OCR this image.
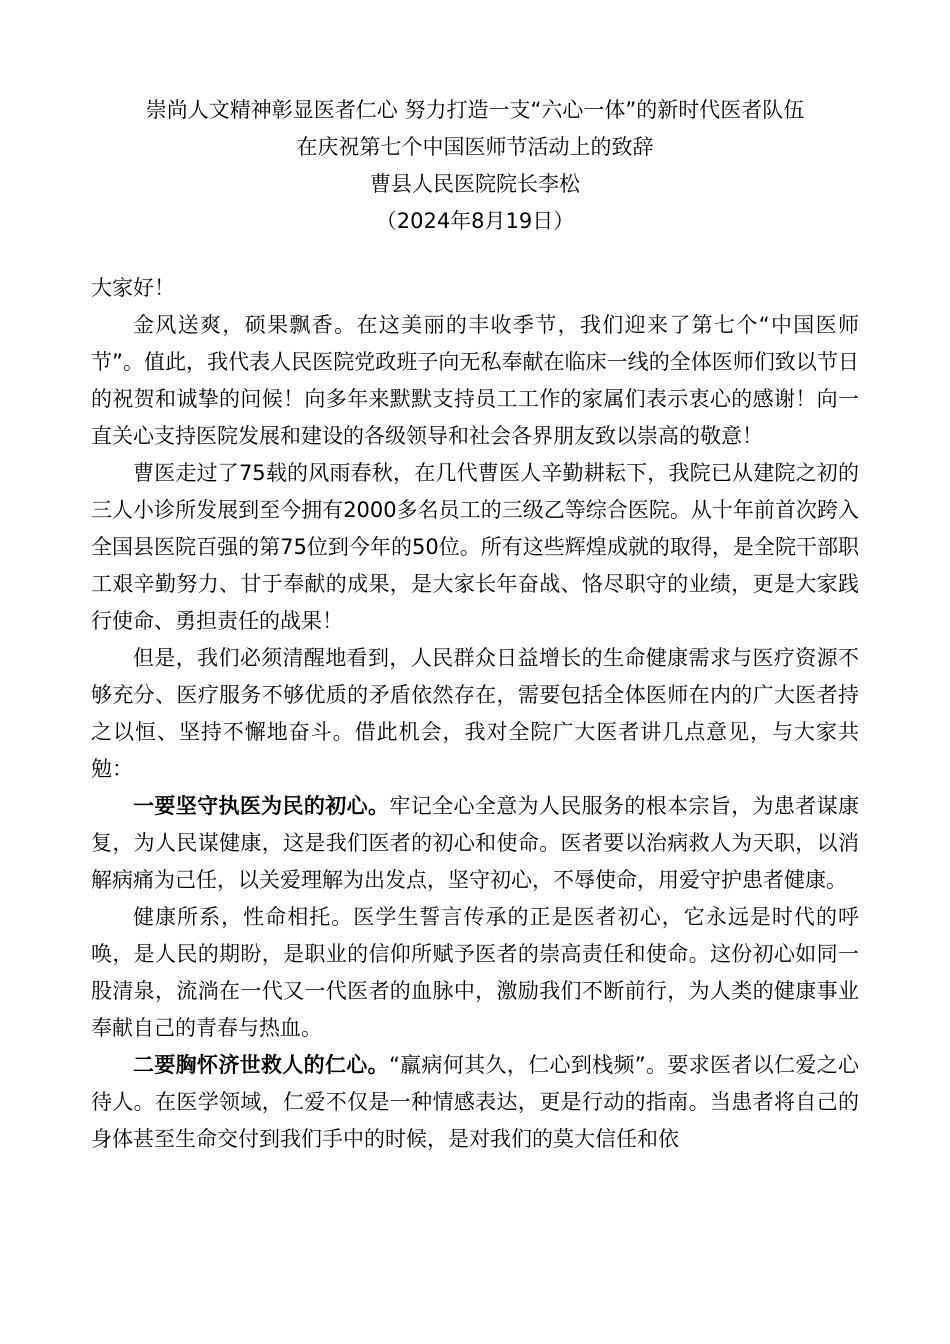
崇尚人文精神彰显医者仁心 努力打造一支“六心一体”的新时代医者队伍
在庆祝第七个中国医师节活动上的致辞
曹县人民医院院长李松
（2024年8月19日）
大家好！

金风送爽，硕果飘香。在这美丽的丰收季节，我们迎来了第七个“中国医师节”。值此，我代表人民医院党政班子向无私奉献在临床一线的全体医师们致以节日的祝贺和诚挚的问候！向多年来默默支持员工工作的家属们表示衷心的感谢！向一直关心支持医院发展和建设的各级领导和社会各界朋友致以崇高的敬意！

曹医走过了75载的风雨春秋，在几代曹医人辛勤耕耘下，我院已从建院之初的三人小诊所发展到至今拥有2000多名员工的三级乙等综合医院。从十年前首次跨入全国县医院百强的第75位到今年的50位。所有这些辉煌成就的取得，是全院干部职工艰辛勤努力、甘于奉献的成果，是大家长年奋战、恪尽职守的业绩，更是大家践行使命、勇担责任的战果！

但是，我们必须清醒地看到，人民群众日益增长的生命健康需求与医疗资源不够充分、医疗服务不够优质的矛盾依然存在，需要包括全体医师在内的广大医者持之以恒、坚持不懈地奋斗。借此机会，我对全院广大医者讲几点意见，与大家共勉：

一要坚守执医为民的初心。牢记全心全意为人民服务的根本宗旨，为患者谋康复，为人民谋健康，这是我们医者的初心和使命。医者要以治病救人为天职，以消解病痛为己任，以关爱理解为出发点，坚守初心，不辱使命，用爱守护患者健康。

健康所系，性命相托。医学生誓言传承的正是医者初心，它永远是时代的呼唤，是人民的期盼，是职业的信仰所赋予医者的崇高责任和使命。这份初心如同一股清泉，流淌在一代又一代医者的血脉中，激励我们不断前行，为人类的健康事业奉献自己的青春与热血。

二要胸怀济世救人的仁心。“羸病何其久，仁心到栈频”。要求医者以仁爱之心待人。在医学领域，仁爱不仅是一种情感表达，更是行动的指南。当患者将自己的身体甚至生命交付到我们手中的时候，是对我们的莫大信任和依
